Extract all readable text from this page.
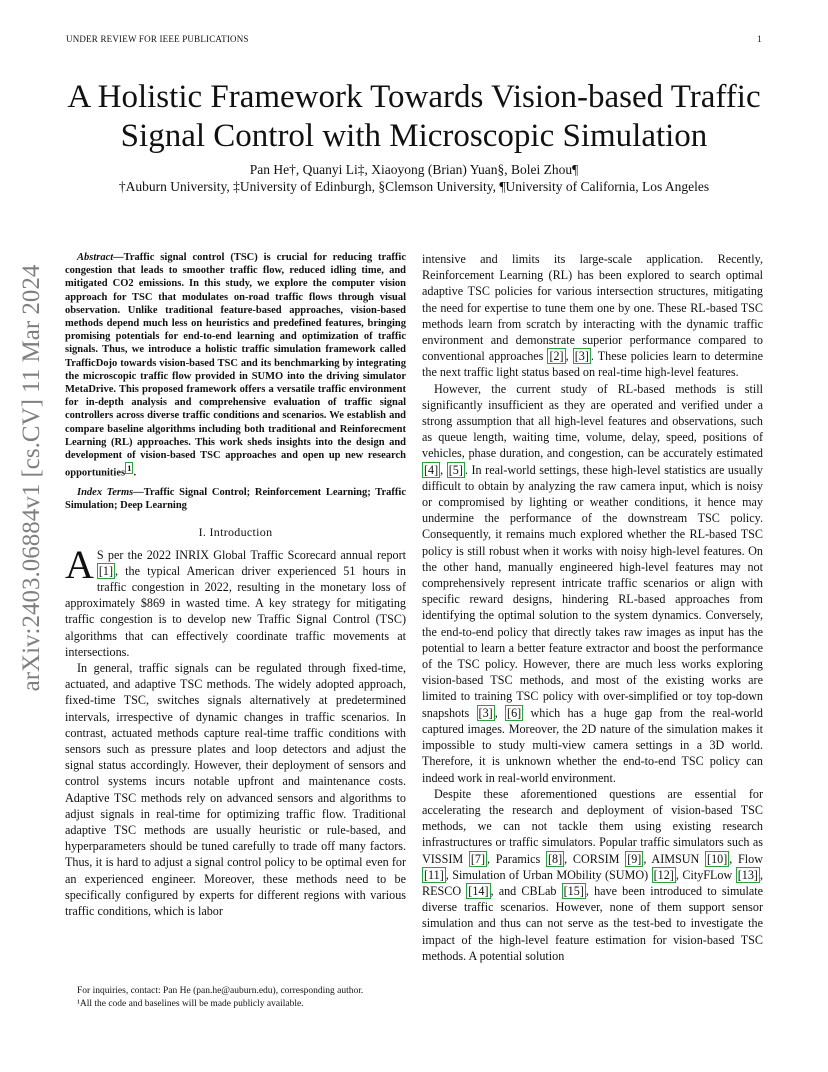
UNDER REVIEW FOR IEEE PUBLICATIONS	1
arXiv:2403.06884v1 [cs.CV] 11 Mar 2024
A Holistic Framework Towards Vision-based Traffic
Signal Control with Microscopic Simulation
Pan He†, Quanyi Li‡, Xiaoyong (Brian) Yuan§, Bolei Zhou¶
†Auburn University, ‡University of Edinburgh, §Clemson University, ¶University of California, Los Angeles

Abstract—Traffic signal control (TSC) is crucial for reducing traffic congestion that leads to smoother traffic flow, reduced idling time, and mitigated CO2 emissions. In this study, we explore the computer vision approach for TSC that modulates on-road traffic flows through visual observation. Unlike traditional feature-based approaches, vision-based methods depend much less on heuristics and predefined features, bringing promising potentials for end-to-end learning and optimization of traffic signals. Thus, we introduce a holistic traffic simulation framework called TrafficDojo towards vision-based TSC and its benchmarking by integrating the microscopic traffic flow provided in SUMO into the driving simulator MetaDrive. This proposed framework offers a versatile traffic environment for in-depth analysis and comprehensive evaluation of traffic signal controllers across diverse traffic conditions and scenarios. We establish and compare baseline algorithms including both traditional and Reinforecment Learning (RL) approaches. This work sheds insights into the design and development of vision-based TSC approaches and open up new research opportunities $^1$ .

Index Terms—Traffic Signal Control; Reinforcement Learning; Traffic Simulation; Deep Learning

I. Introduction

A S per the 2022 INRIX Global Traffic Scorecard annual report [1] , the typical American driver experienced 51 hours in traffic congestion in 2022, resulting in the monetary loss of approximately $869 in wasted time. A key strategy for mitigating traffic congestion is to develop new Traffic Signal Control (TSC) algorithms that can effectively coordinate traffic movements at intersections.

In general, traffic signals can be regulated through fixed-time, actuated, and adaptive TSC methods. The widely adopted approach, fixed-time TSC, switches signals alternatively at predetermined intervals, irrespective of dynamic changes in traffic scenarios. In contrast, actuated methods capture real-time traffic conditions with sensors such as pressure plates and loop detectors and adjust the signal status accordingly. However, their deployment of sensors and control systems incurs notable upfront and maintenance costs. Adaptive TSC methods rely on advanced sensors and algorithms to adjust signals in real-time for optimizing traffic flow. Traditional adaptive TSC methods are usually heuristic or rule-based, and hyperparameters should be tuned carefully to trade off many factors. Thus, it is hard to adjust a signal control policy to be optimal even for an experienced engineer. Moreover, these methods need to be specifically configured by experts for different regions with various traffic conditions, which is labor

For inquiries, contact: Pan He (pan.he@auburn.edu), corresponding author.

¹All the code and baselines will be made publicly available.

intensive and limits its large-scale application. Recently, Reinforcement Learning (RL) has been explored to search optimal adaptive TSC policies for various intersection structures, mitigating the need for expertise to tune them one by one. These RL-based TSC methods learn from scratch by interacting with the dynamic traffic environment and demonstrate superior performance compared to conventional approaches [2] , [3] . These policies learn to determine the next traffic light status based on real-time high-level features.

However, the current study of RL-based methods is still significantly insufficient as they are operated and verified under a strong assumption that all high-level features and observations, such as queue length, waiting time, volume, delay, speed, positions of vehicles, phase duration, and congestion, can be accurately estimated [4] , [5] . In real-world settings, these high-level statistics are usually difficult to obtain by analyzing the raw camera input, which is noisy or compromised by lighting or weather conditions, it hence may undermine the performance of the downstream TSC policy. Consequently, it remains much explored whether the RL-based TSC policy is still robust when it works with noisy high-level features. On the other hand, manually engineered high-level features may not comprehensively represent intricate traffic scenarios or align with specific reward designs, hindering RL-based approaches from identifying the optimal solution to the system dynamics. Conversely, the end-to-end policy that directly takes raw images as input has the potential to learn a better feature extractor and boost the performance of the TSC policy. However, there are much less works exploring vision-based TSC methods, and most of the existing works are limited to training TSC policy with over-simplified or toy top-down snapshots [3] , [6] which has a huge gap from the real-world captured images. Moreover, the 2D nature of the simulation makes it impossible to study multi-view camera settings in a 3D world. Therefore, it is unknown whether the end-to-end TSC policy can indeed work in real-world environment.

Despite these aforementioned questions are essential for accelerating the research and deployment of vision-based TSC methods, we can not tackle them using existing research infrastructures or traffic simulators. Popular traffic simulators such as VISSIM [7] , Paramics [8] , CORSIM [9] , AIMSUN [10] , Flow [11] , Simulation of Urban MObility (SUMO) [12] , CityFLow [13] , RESCO [14] , and CBLab [15] , have been introduced to simulate diverse traffic scenarios. However, none of them support sensor simulation and thus can not serve as the test-bed to investigate the impact of the high-level feature estimation for vision-based TSC methods. A potential solution
